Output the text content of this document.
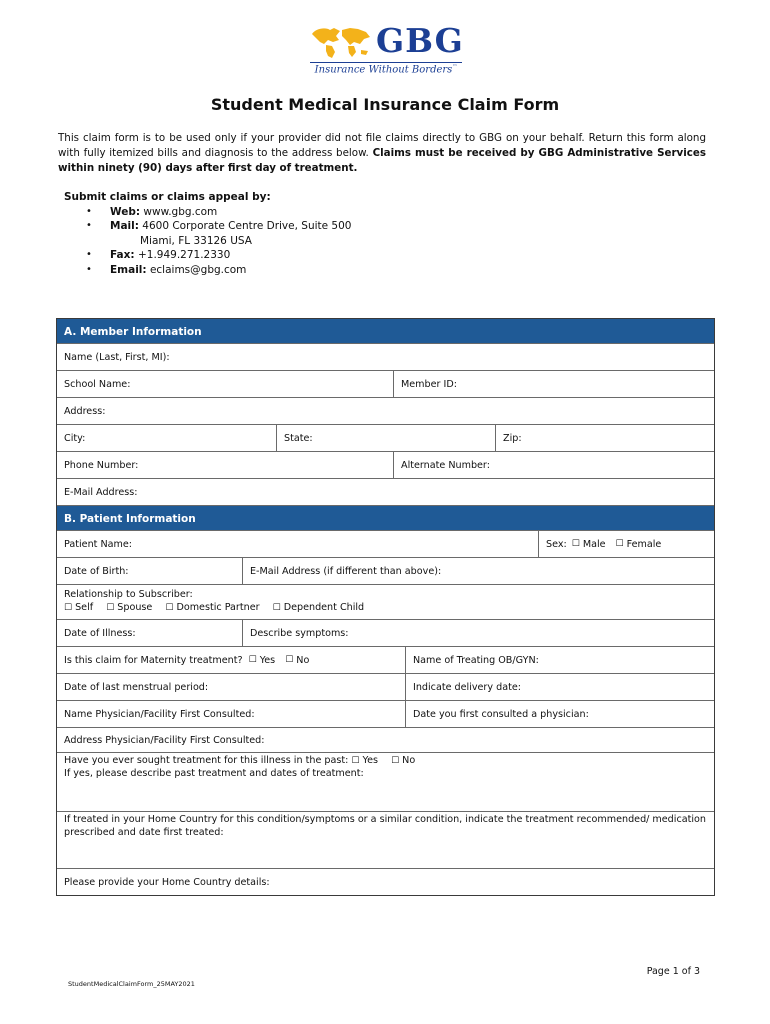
GBG
Insurance Without Borders™
Student Medical Insurance Claim Form
This claim form is to be used only if your provider did not file claims directly to GBG on your behalf. Return this form along with fully itemized bills and diagnosis to the address below. Claims must be received by GBG Administrative Services within ninety (90) days after first day of treatment.
Submit claims or claims appeal by:
• Web: www.gbg.com
• Mail: 4600 Corporate Centre Drive, Suite 500
Miami, FL 33126 USA
• Fax: +1.949.271.2330
• Email: eclaims@gbg.com
A. Member Information
Name (Last, First, MI):
School Name:	Member ID:
Address:
City:	State:	Zip:
Phone Number:	Alternate Number:
E-Mail Address:
B. Patient Information
Patient Name:	Sex: ☐ Male ☐ Female
Date of Birth:	E-Mail Address (if different than above):
Relationship to Subscriber:
☐ Self ☐ Spouse ☐ Domestic Partner ☐ Dependent Child
Date of Illness:	Describe symptoms:
Is this claim for Maternity treatment? ☐ Yes ☐ No	Name of Treating OB/GYN:
Date of last menstrual period:	Indicate delivery date:
Name Physician/Facility First Consulted:	Date you first consulted a physician:
Address Physician/Facility First Consulted:
Have you ever sought treatment for this illness in the past: ☐ Yes ☐ No
If yes, please describe past treatment and dates of treatment:
If treated in your Home Country for this condition/symptoms or a similar condition, indicate the treatment recommended/ medication prescribed and date first treated:
Please provide your Home Country details:
Page 1 of 3
StudentMedicalClaimForm_25MAY2021
